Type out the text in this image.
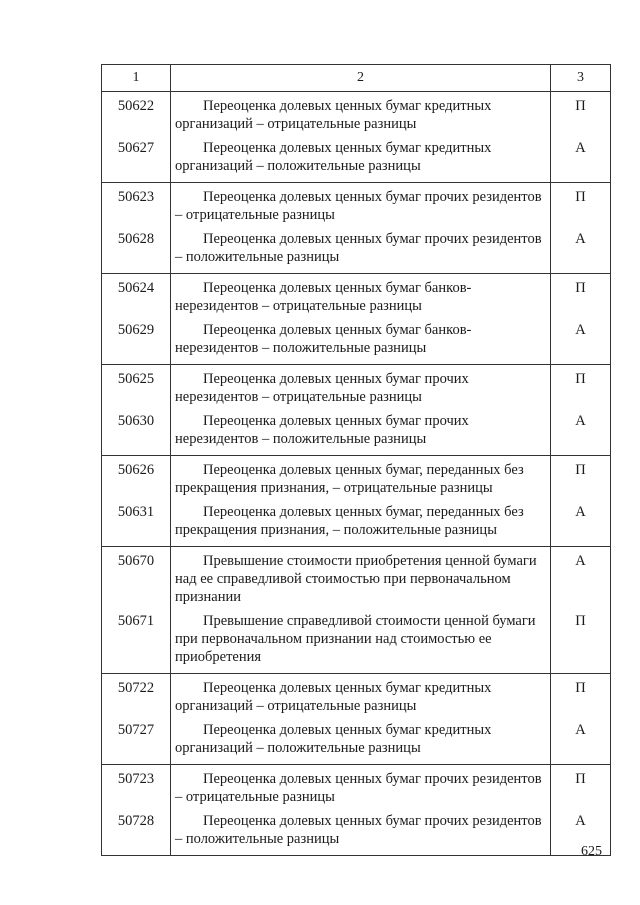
1	2	3
50622	Переоценка долевых ценных бумаг кредитных организаций – отрицательные разницы	П
50627	Переоценка долевых ценных бумаг кредитных организаций – положительные разницы	А
50623	Переоценка долевых ценных бумаг прочих резидентов – отрицательные разницы	П
50628	Переоценка долевых ценных бумаг прочих резидентов – положительные разницы	А
50624	Переоценка долевых ценных бумаг банков-нерезидентов – отрицательные разницы	П
50629	Переоценка долевых ценных бумаг банков-нерезидентов – положительные разницы	А
50625	Переоценка долевых ценных бумаг прочих нерезидентов – отрицательные разницы	П
50630	Переоценка долевых ценных бумаг прочих нерезидентов – положительные разницы	А
50626	Переоценка долевых ценных бумаг, переданных без прекращения признания, – отрицательные разницы	П
50631	Переоценка долевых ценных бумаг, переданных без прекращения признания, – положительные разницы	А
50670	Превышение стоимости приобретения ценной бумаги над ее справедливой стоимостью при первоначальном признании	А
50671	Превышение справедливой стоимости ценной бумаги при первоначальном признании над стоимостью ее приобретения	П
50722	Переоценка долевых ценных бумаг кредитных организаций – отрицательные разницы	П
50727	Переоценка долевых ценных бумаг кредитных организаций – положительные разницы	А
50723	Переоценка долевых ценных бумаг прочих резидентов – отрицательные разницы	П
50728	Переоценка долевых ценных бумаг прочих резидентов – положительные разницы	А
625
